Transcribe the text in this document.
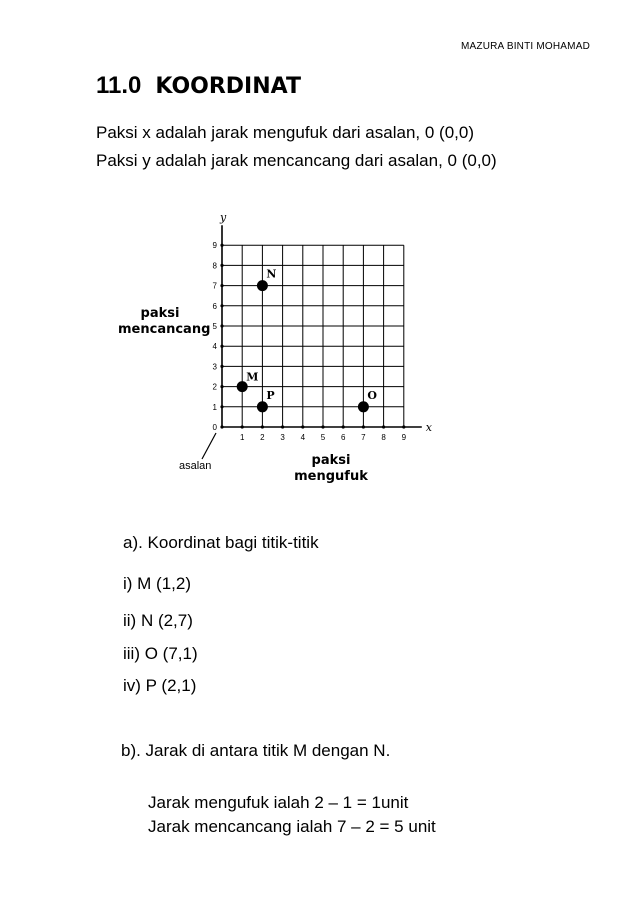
MAZURA BINTI MOHAMAD
11.0 KOORDINAT
Paksi x adalah jarak mengufuk dari asalan, 0 (0,0)
Paksi y adalah jarak mencancang dari asalan, 0 (0,0)
x
y
1 2 3 4 5 6 7 8 9
0
1
2
3
4
5
6
7
8
9
M
N
O
P
paksi
mencancang
paksi
mengufuk
asalan
a). Koordinat bagi titik-titik
i) M (1,2)
ii) N (2,7)
iii) O (7,1)
iv) P (2,1)
b). Jarak di antara titik M dengan N.
Jarak mengufuk ialah 2 – 1 = 1unit
Jarak mencancang ialah 7 – 2 = 5 unit
